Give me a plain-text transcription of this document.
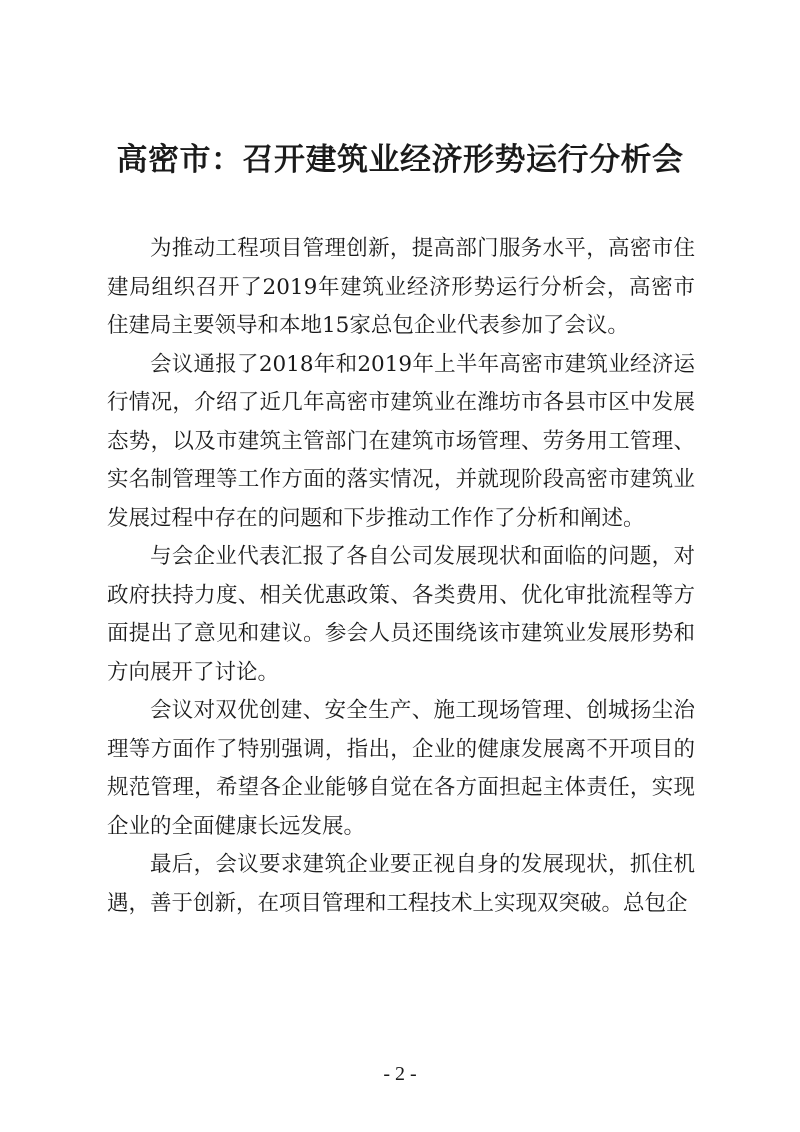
高密市：召开建筑业经济形势运行分析会

为推动工程项目管理创新，提高部门服务水平，高密市住建局组织召开了2019年建筑业经济形势运行分析会，高密市住建局主要领导和本地15家总包企业代表参加了会议。

会议通报了2018年和2019年上半年高密市建筑业经济运行情况，介绍了近几年高密市建筑业在潍坊市各县市区中发展态势，以及市建筑主管部门在建筑市场管理、劳务用工管理、实名制管理等工作方面的落实情况，并就现阶段高密市建筑业发展过程中存在的问题和下步推动工作作了分析和阐述。

与会企业代表汇报了各自公司发展现状和面临的问题，对政府扶持力度、相关优惠政策、各类费用、优化审批流程等方面提出了意见和建议。参会人员还围绕该市建筑业发展形势和方向展开了讨论。

会议对双优创建、安全生产、施工现场管理、创城扬尘治理等方面作了特别强调，指出，企业的健康发展离不开项目的规范管理，希望各企业能够自觉在各方面担起主体责任，实现企业的全面健康长远发展。

最后，会议要求建筑企业要正视自身的发展现状，抓住机遇，善于创新，在项目管理和工程技术上实现双突破。总包企

- 2 -
